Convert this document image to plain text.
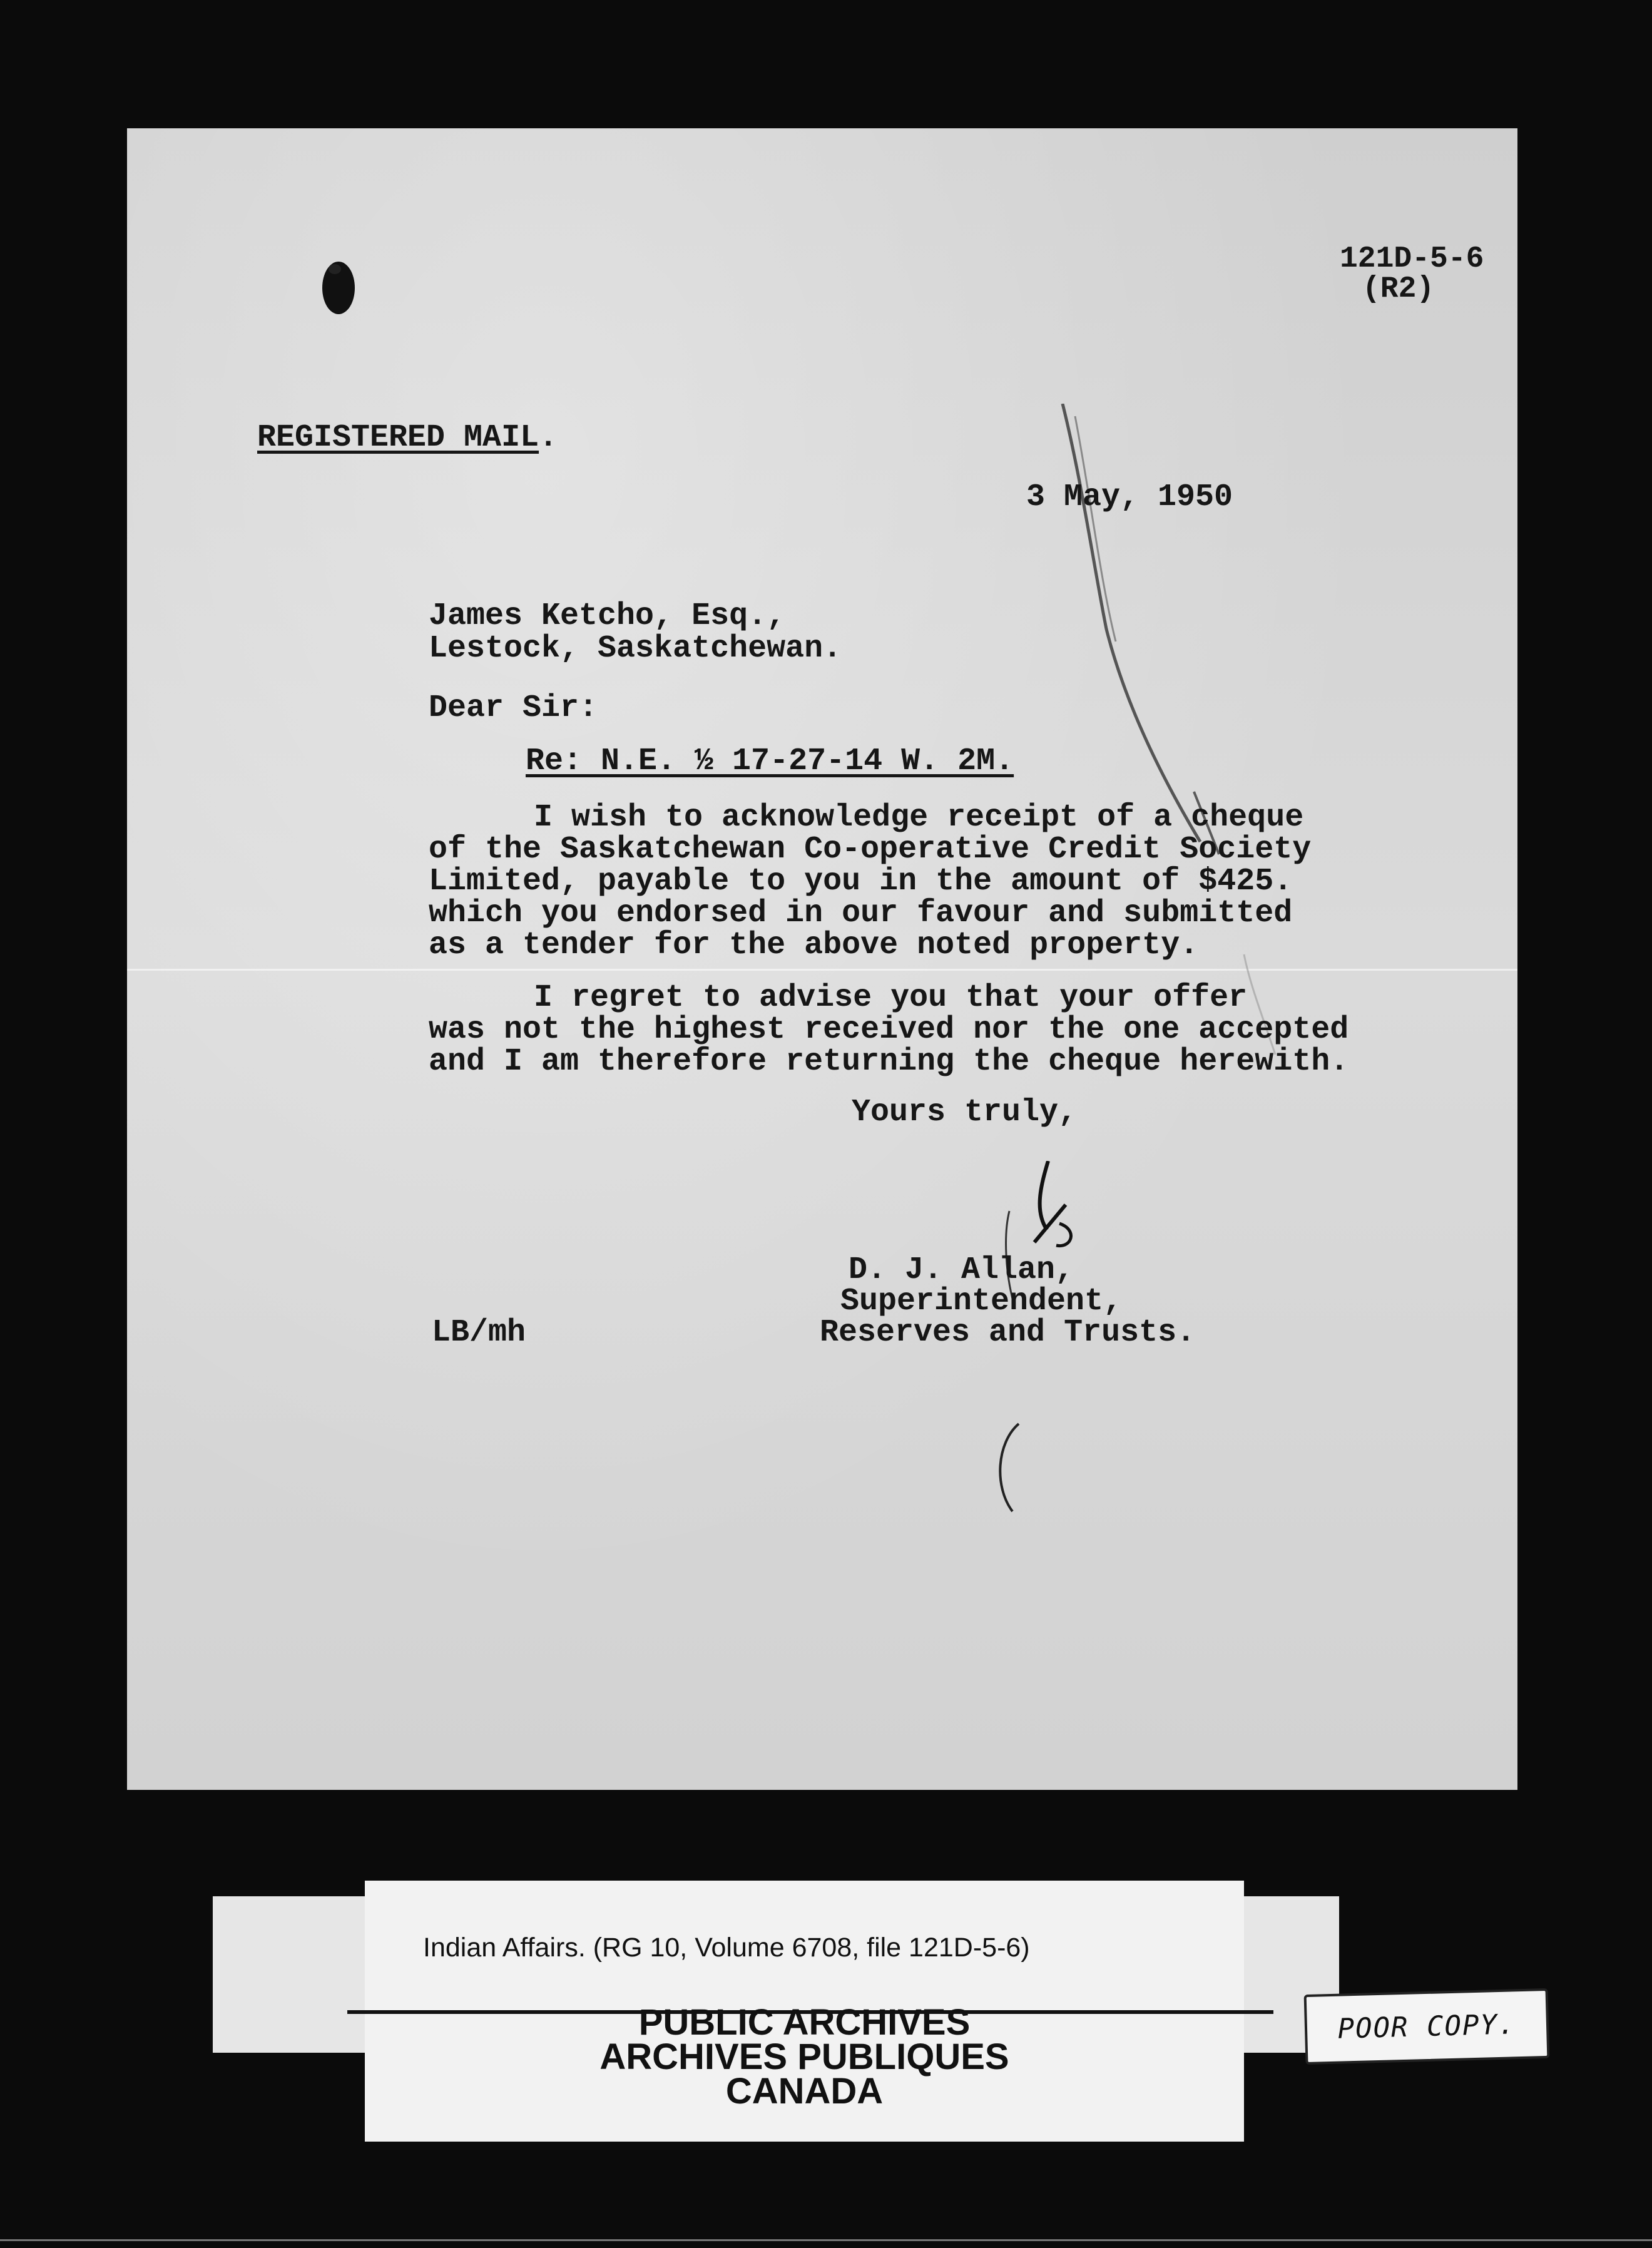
121D-5-6
(R2)
REGISTERED MAIL.
3 May, 1950
James Ketcho, Esq.,
Lestock, Saskatchewan.
Dear Sir:
Re: N.E. ½ 17-27-14 W. 2M.
I wish to acknowledge receipt of a cheque
of the Saskatchewan Co-operative Credit Society
Limited, payable to you in the amount of $425.
which you endorsed in our favour and submitted
as a tender for the above noted property.
I regret to advise you that your offer
was not the highest received nor the one accepted
and I am therefore returning the cheque herewith.
Yours truly,
D. J. Allan,
Superintendent,
Reserves and Trusts.
LB/mh
Indian Affairs. (RG 10, Volume 6708, file 121D-5-6)
PUBLIC ARCHIVES
ARCHIVES PUBLIQUES
CANADA
POOR COPY.
